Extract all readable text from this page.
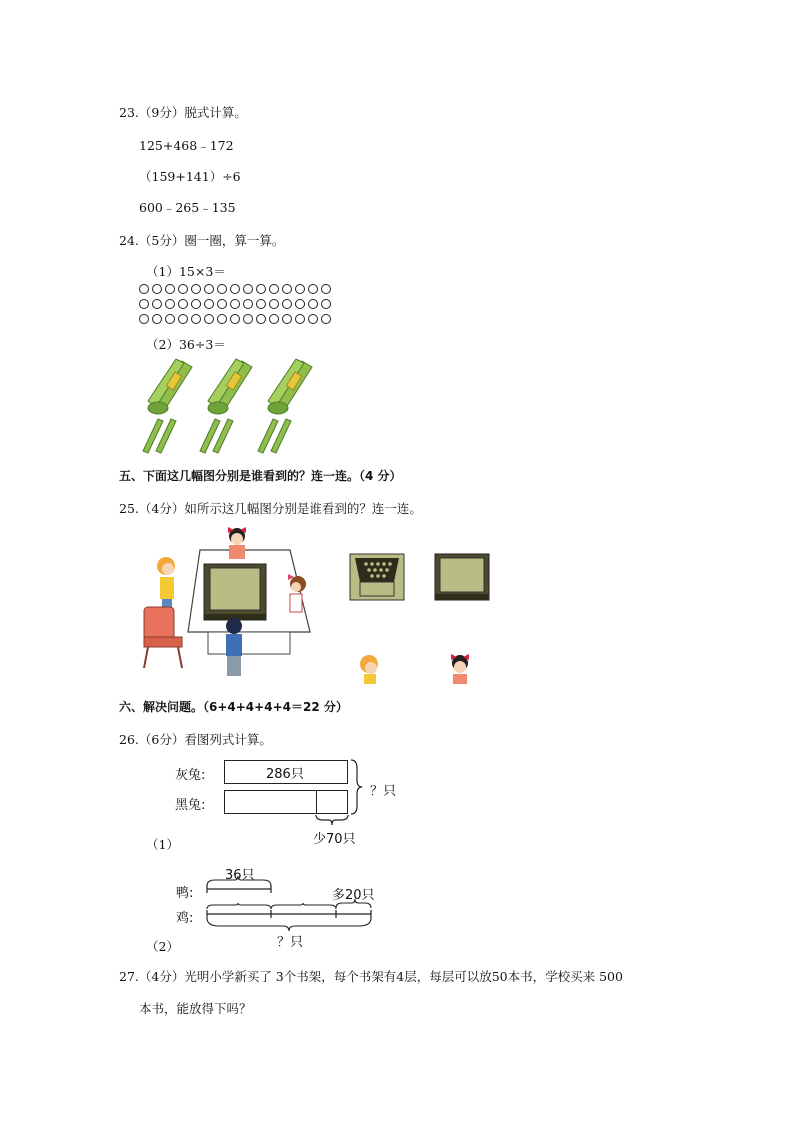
23.（9分）脱式计算。
125+468﹣172
（159+141）÷6
600﹣265﹣135
24.（5分）圈一圈，算一算。
（1）15×3＝
（2）36÷3＝
五、下面这几幅图分别是谁看到的？连一连。（4 分）
25.（4分）如所示这几幅图分别是谁看到的？连一连。
六、解决问题。（6+4+4+4+4＝22 分）
26.（6分）看图列式计算。
灰兔:	286只
黑兔:
？只
少70只
（1）
36只
鸭:	多20只
鸡:
？只
（2）
27.（4分）光明小学新买了 3个书架，每个书架有4层，每层可以放50本书，学校买来 500
本书，能放得下吗？
